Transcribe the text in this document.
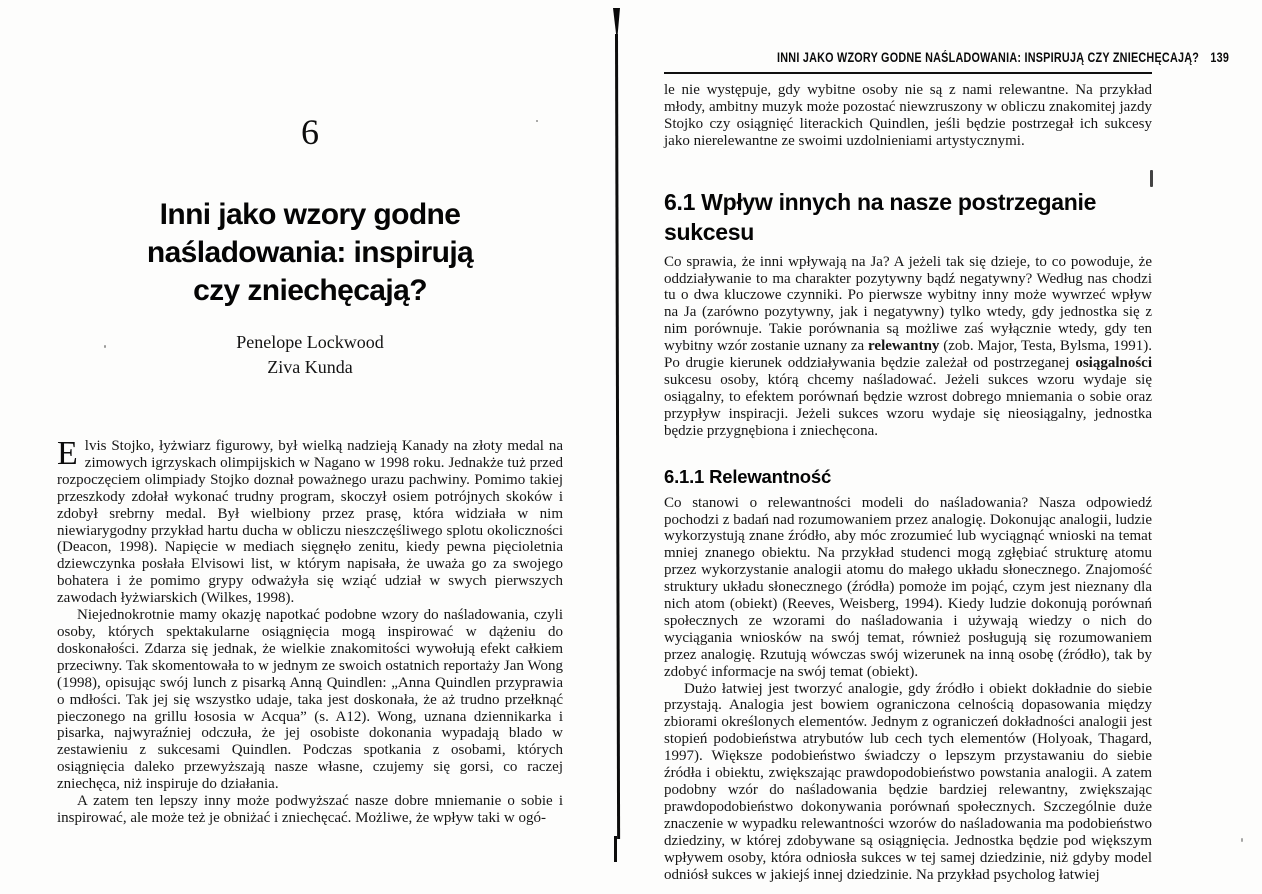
6
Inni jako wzory godne
naśladowania: inspirują
czy zniechęcają?
Penelope Lockwood
Ziva Kunda

Elvis Stojko, łyżwiarz figurowy, był wielką nadzieją Kanady na złoty medal na zimowych igrzyskach olimpijskich w Nagano w 1998 roku. Jednakże tuż przed rozpoczęciem olimpiady Stojko doznał poważnego urazu pachwiny. Pomimo takiej przeszkody zdołał wykonać trudny program, skoczył osiem potrójnych skoków i zdobył srebrny medal. Był wielbiony przez prasę, która widziała w nim niewiarygodny przykład hartu ducha w obliczu nieszczęśliwego splotu okoliczności (Deacon, 1998). Napięcie w mediach sięgnęło zenitu, kiedy pewna pięcioletnia dziewczynka posłała Elvisowi list, w którym napisała, że uważa go za swojego bohatera i że pomimo grypy odważyła się wziąć udział w swych pierwszych zawodach łyżwiarskich (Wilkes, 1998).

Niejednokrotnie mamy okazję napotkać podobne wzory do naśladowania, czyli osoby, których spektakularne osiągnięcia mogą inspirować w dążeniu do doskonałości. Zdarza się jednak, że wielkie znakomitości wywołują efekt całkiem przeciwny. Tak skomentowała to w jednym ze swoich ostatnich reportaży Jan Wong (1998), opisując swój lunch z pisarką Anną Quindlen: „Anna Quindlen przyprawia o mdłości. Tak jej się wszystko udaje, taka jest doskonała, że aż trudno przełknąć pieczonego na grillu łososia w Acqua” (s. A12). Wong, uznana dziennikarka i pisarka, najwyraźniej odczuła, że jej osobiste dokonania wypadają blado w zestawieniu z sukcesami Quindlen. Podczas spotkania z osobami, których osiągnięcia daleko przewyższają nasze własne, czujemy się gorsi, co raczej zniechęca, niż inspiruje do działania.

A zatem ten lepszy inny może podwyższać nasze dobre mniemanie o sobie i inspirować, ale może też je obniżać i zniechęcać. Możliwe, że wpływ taki w ogó-

INNI JAKO WZORY GODNE NAŚLADOWANIA: INSPIRUJĄ CZY ZNIECHĘCAJĄ? 139

le nie występuje, gdy wybitne osoby nie są z nami relewantne. Na przykład młody, ambitny muzyk może pozostać niewzruszony w obliczu znakomitej jazdy Stojko czy osiągnięć literackich Quindlen, jeśli będzie postrzegał ich sukcesy jako nierelewantne ze swoimi uzdolnieniami artystycznymi.

6.1 Wpływ innych na nasze postrzeganie sukcesu

Co sprawia, że inni wpływają na Ja? A jeżeli tak się dzieje, to co powoduje, że oddziaływanie to ma charakter pozytywny bądź negatywny? Według nas chodzi tu o dwa kluczowe czynniki. Po pierwsze wybitny inny może wywrzeć wpływ na Ja (zarówno pozytywny, jak i negatywny) tylko wtedy, gdy jednostka się z nim porównuje. Takie porównania są możliwe zaś wyłącznie wtedy, gdy ten wybitny wzór zostanie uznany za relewantny (zob. Major, Testa, Bylsma, 1991). Po drugie kierunek oddziaływania będzie zależał od postrzeganej osiągalności sukcesu osoby, którą chcemy naśladować. Jeżeli sukces wzoru wydaje się osiągalny, to efektem porównań będzie wzrost dobrego mniemania o sobie oraz przypływ inspiracji. Jeżeli sukces wzoru wydaje się nieosiągalny, jednostka będzie przygnębiona i zniechęcona.

6.1.1 Relewantność

Co stanowi o relewantności modeli do naśladowania? Nasza odpowiedź pochodzi z badań nad rozumowaniem przez analogię. Dokonując analogii, ludzie wykorzystują znane źródło, aby móc zrozumieć lub wyciągnąć wnioski na temat mniej znanego obiektu. Na przykład studenci mogą zgłębiać strukturę atomu przez wykorzystanie analogii atomu do małego układu słonecznego. Znajomość struktury układu słonecznego (źródła) pomoże im pojąć, czym jest nieznany dla nich atom (obiekt) (Reeves, Weisberg, 1994). Kiedy ludzie dokonują porównań społecznych ze wzorami do naśladowania i używają wiedzy o nich do wyciągania wniosków na swój temat, również posługują się rozumowaniem przez analogię. Rzutują wówczas swój wizerunek na inną osobę (źródło), tak by zdobyć informacje na swój temat (obiekt).

Dużo łatwiej jest tworzyć analogie, gdy źródło i obiekt dokładnie do siebie przystają. Analogia jest bowiem ograniczona celnością dopasowania między zbiorami określonych elementów. Jednym z ograniczeń dokładności analogii jest stopień podobieństwa atrybutów lub cech tych elementów (Holyoak, Thagard, 1997). Większe podobieństwo świadczy o lepszym przystawaniu do siebie źródła i obiektu, zwiększając prawdopodobieństwo powstania analogii. A zatem podobny wzór do naśladowania będzie bardziej relewantny, zwiększając prawdopodobieństwo dokonywania porównań społecznych. Szczególnie duże znaczenie w wypadku relewantności wzorów do naśladowania ma podobieństwo dziedziny, w której zdobywane są osiągnięcia. Jednostka będzie pod większym wpływem osoby, która odniosła sukces w tej samej dziedzinie, niż gdyby model odniósł sukces w jakiejś innej dziedzinie. Na przykład psycholog łatwiej
